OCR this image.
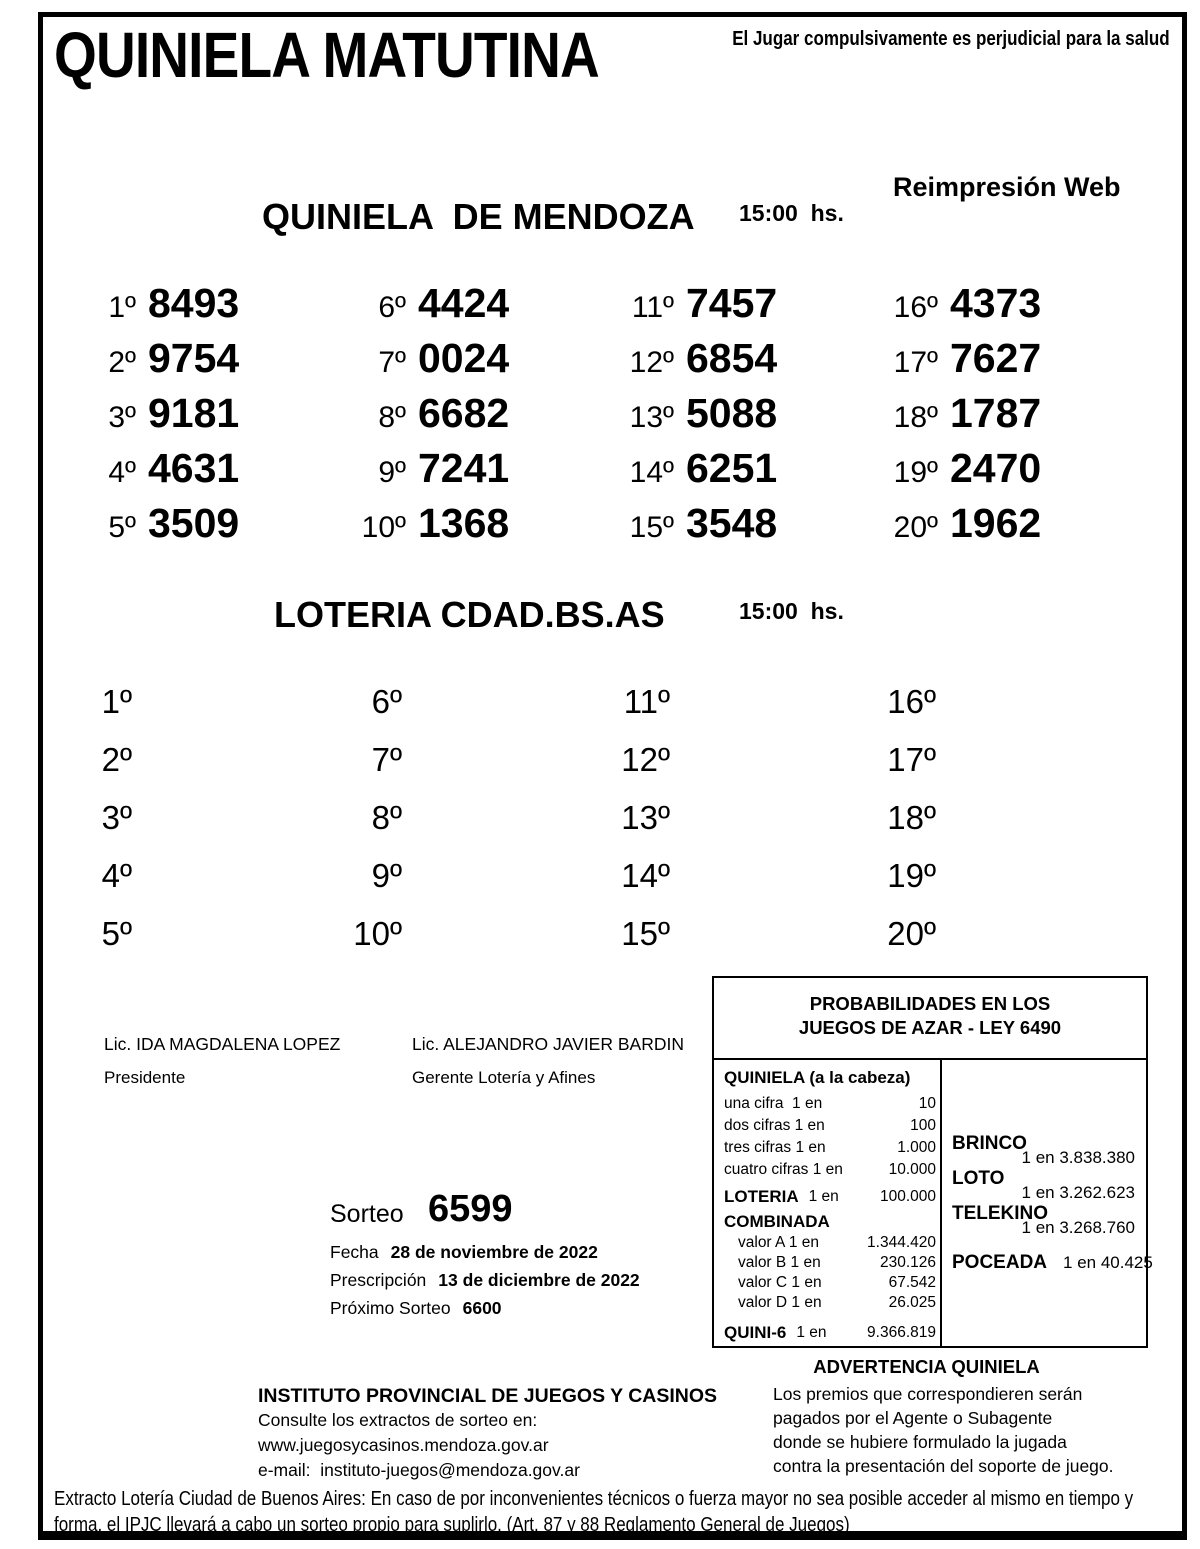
QUINIELA MATUTINA	El Jugar compulsivamente es perjudicial para la salud
Reimpresión Web
QUINIELA  DE MENDOZA 15:00  hs.
1º 8493
2º 9754
3º 9181
4º 4631
5º 3509
6º 4424
7º 0024
8º 6682
9º 7241
10º 1368
11º 7457
12º 6854
13º 5088
14º 6251
15º 3548
16º 4373
17º 7627
18º 1787
19º 2470
20º 1962
LOTERIA CDAD.BS.AS	15:00  hs.
1º
2º
3º
4º
5º
6º
7º
8º
9º
10º
11º
12º
13º
14º
15º
16º
17º
18º
19º
20º
Lic. IDA MAGDALENA LOPEZ
Presidente
Lic. ALEJANDRO JAVIER BARDIN
Gerente Lotería y Afines
PROBABILIDADES EN LOS
JUEGOS DE AZAR - LEY 6490
QUINIELA (a la cabeza)
una cifra  1 en	10
dos cifras 1 en	100
tres cifras 1 en	1.000
cuatro cifras 1 en	10.000
LOTERIA 1 en	100.000
COMBINADA
valor A 1 en	1.344.420
valor B 1 en	230.126
valor C 1 en	67.542
valor D 1 en	26.025
QUINI-6 1 en	9.366.819
BRINCO
1 en 3.838.380
LOTO
1 en 3.262.623
TELEKINO
1 en 3.268.760
POCEADA 1 en 40.425
Sorteo 6599
Fecha 28 de noviembre de 2022
Prescripción 13 de diciembre de 2022
Próximo Sorteo 6600
INSTITUTO PROVINCIAL DE JUEGOS Y CASINOS
Consulte los extractos de sorteo en:
www.juegosycasinos.mendoza.gov.ar
e-mail:  instituto-juegos@mendoza.gov.ar
ADVERTENCIA QUINIELA
Los premios que correspondieren serán
pagados por el Agente o Subagente
donde se hubiere formulado la jugada
contra la presentación del soporte de juego.
Extracto Lotería Ciudad de Buenos Aires: En caso de por inconvenientes técnicos o fuerza mayor no sea posible acceder al mismo en tiempo y
forma, el IPJC llevará a cabo un sorteo propio para suplirlo. (Art. 87 y 88 Reglamento General de Juegos)
